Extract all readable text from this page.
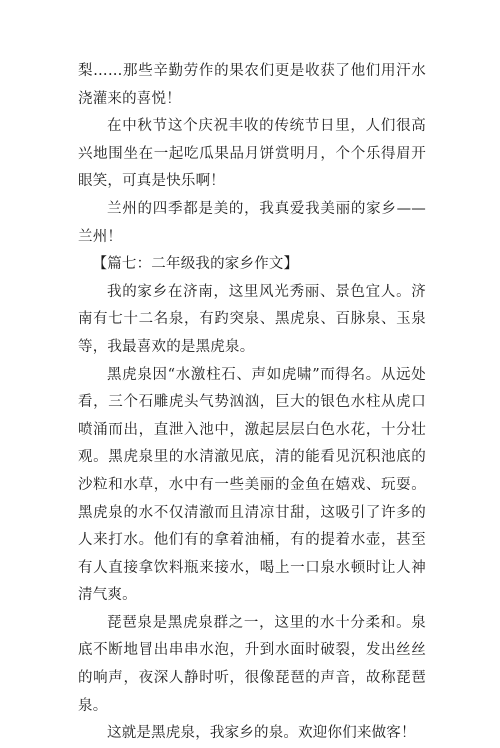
梨……那些辛勤劳作的果农们更是收获了他们用汗水浇灌来的喜悦！

在中秋节这个庆祝丰收的传统节日里，人们很高兴地围坐在一起吃瓜果品月饼赏明月，个个乐得眉开眼笑，可真是快乐啊！

兰州的四季都是美的，我真爱我美丽的家乡——兰州！

【篇七：二年级我的家乡作文】

我的家乡在济南，这里风光秀丽、景色宜人。济南有七十二名泉，有趵突泉、黑虎泉、百脉泉、玉泉等，我最喜欢的是黑虎泉。

黑虎泉因“水激柱石、声如虎啸”而得名。从远处看，三个石雕虎头气势汹汹，巨大的银色水柱从虎口喷涌而出，直泄入池中，激起层层白色水花，十分壮观。黑虎泉里的水清澈见底，清的能看见沉积池底的沙粒和水草，水中有一些美丽的金鱼在嬉戏、玩耍。黑虎泉的水不仅清澈而且清凉甘甜，这吸引了许多的人来打水。他们有的拿着油桶，有的提着水壶，甚至有人直接拿饮料瓶来接水，喝上一口泉水顿时让人神清气爽。

琵琶泉是黑虎泉群之一，这里的水十分柔和。泉底不断地冒出串串水泡，升到水面时破裂，发出丝丝的响声，夜深人静时听，很像琵琶的声音，故称琵琶泉。

这就是黑虎泉，我家乡的泉。欢迎你们来做客！
